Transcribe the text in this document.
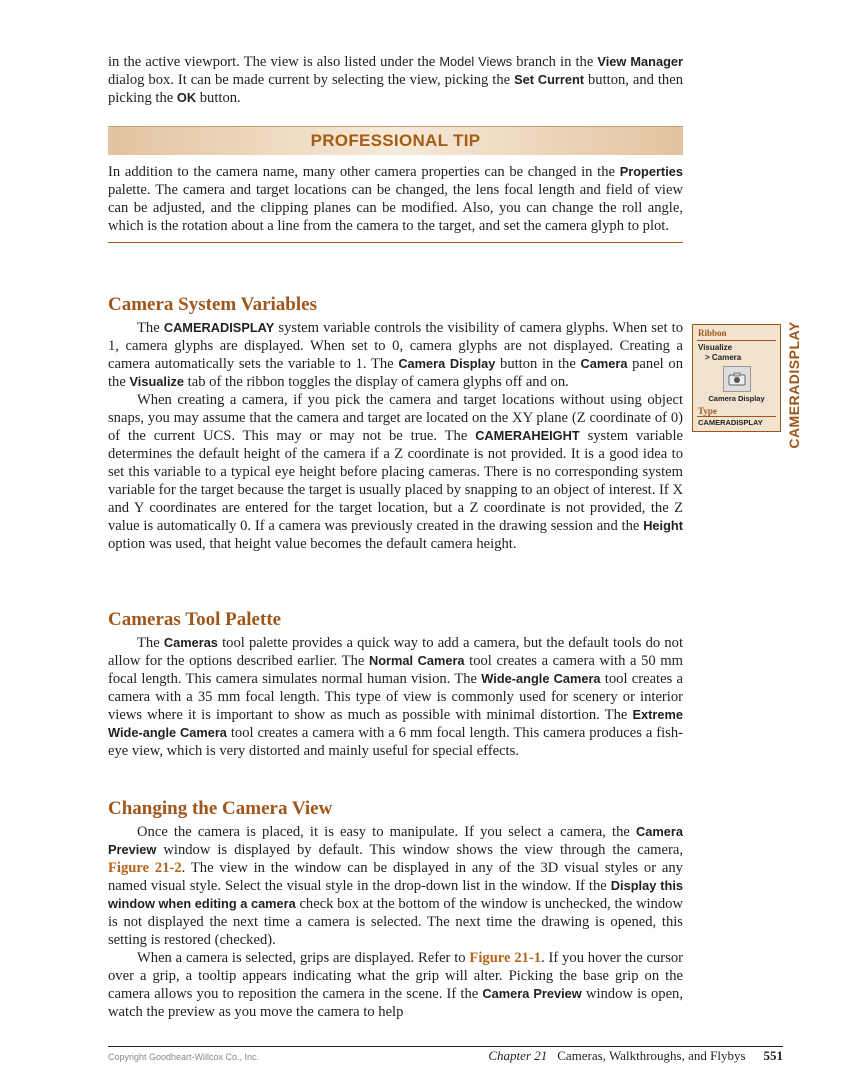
in the active viewport. The view is also listed under the Model Views branch in the View Manager dialog box. It can be made current by selecting the view, picking the Set Current button, and then picking the OK button.

PROFESSIONAL TIP

In addition to the camera name, many other camera properties can be changed in the Properties palette. The camera and target locations can be changed, the lens focal length and field of view can be adjusted, and the clipping planes can be modified. Also, you can change the roll angle, which is the rotation about a line from the camera to the target, and set the camera glyph to plot.

Camera System Variables

The CAMERADISPLAY system variable controls the visibility of camera glyphs. When set to 1, camera glyphs are displayed. When set to 0, camera glyphs are not displayed. Creating a camera automatically sets the variable to 1. The Camera Display button in the Camera panel on the Visualize tab of the ribbon toggles the display of camera glyphs off and on.

When creating a camera, if you pick the camera and target locations without using object snaps, you may assume that the camera and target are located on the XY plane (Z coordinate of 0) of the current UCS. This may or may not be true. The CAMERAHEIGHT system variable determines the default height of the camera if a Z coordinate is not provided. It is a good idea to set this variable to a typical eye height before placing cameras. There is no corresponding system variable for the target because the target is usually placed by snapping to an object of interest. If X and Y coordinates are entered for the target location, but a Z coordinate is not provided, the Z value is automatically 0. If a camera was previously created in the drawing session and the Height option was used, that height value becomes the default camera height.

Cameras Tool Palette

The Cameras tool palette provides a quick way to add a camera, but the default tools do not allow for the options described earlier. The Normal Camera tool creates a camera with a 50 mm focal length. This camera simulates normal human vision. The Wide-angle Camera tool creates a camera with a 35 mm focal length. This type of view is commonly used for scenery or interior views where it is important to show as much as possible with minimal distortion. The Extreme Wide-angle Camera tool creates a camera with a 6 mm focal length. This camera produces a fish-eye view, which is very distorted and mainly useful for special effects.

Changing the Camera View

Once the camera is placed, it is easy to manipulate. If you select a camera, the Camera Preview window is displayed by default. This window shows the view through the camera, Figure 21-2. The view in the window can be displayed in any of the 3D visual styles or any named visual style. Select the visual style in the drop-down list in the window. If the Display this window when editing a camera check box at the bottom of the window is unchecked, the window is not displayed the next time a camera is selected. The next time the drawing is opened, this setting is restored (checked).

When a camera is selected, grips are displayed. Refer to Figure 21-1. If you hover the cursor over a grip, a tooltip appears indicating what the grip will alter. Picking the base grip on the camera allows you to reposition the camera in the scene. If the Camera Preview window is open, watch the preview as you move the camera to help

Ribbon
Visualize
> Camera
Camera Display
Type
CAMERADISPLAY	CAMERADISPLAY
Copyright Goodheart-Willcox Co., Inc.	Chapter 21 Cameras, Walkthroughs, and Flybys 551
